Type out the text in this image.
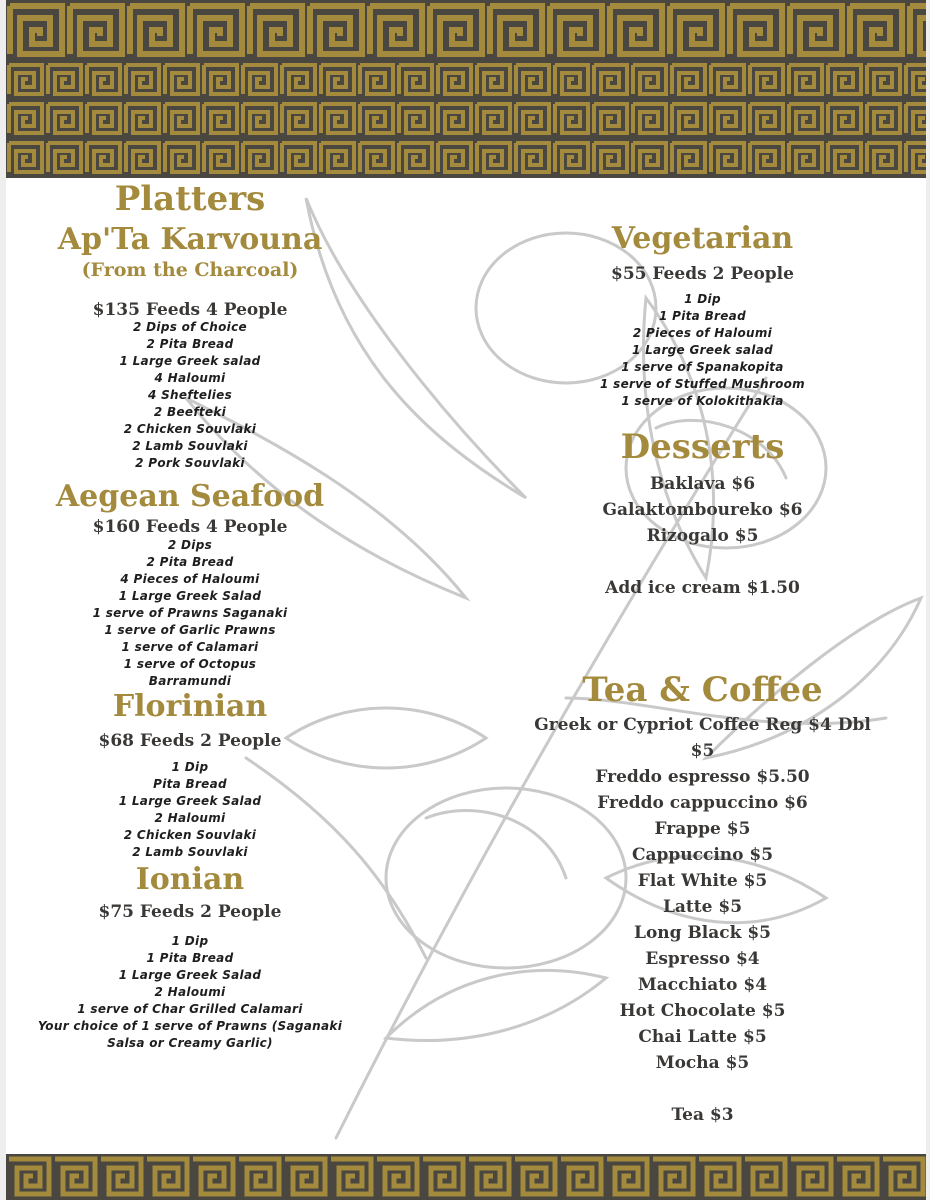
Platters
Ap'Ta Karvouna
(From the Charcoal)

$135 Feeds 4 People

2 Dips of Choice
2 Pita Bread
1 Large Greek salad
4 Haloumi
4 Sheftelies
2 Beefteki
2 Chicken Souvlaki
2 Lamb Souvlaki
2 Pork Souvlaki
Aegean Seafood

$160 Feeds 4 People

2 Dips
2 Pita Bread
4 Pieces of Haloumi
1 Large Greek Salad
1 serve of Prawns Saganaki
1 serve of Garlic Prawns
1 serve of Calamari
1 serve of Octopus
Barramundi
Florinian

$68 Feeds 2 People

1 Dip
Pita Bread
1 Large Greek Salad
2 Haloumi
2 Chicken Souvlaki
2 Lamb Souvlaki
Ionian

$75 Feeds 2 People

1 Dip
1 Pita Bread
1 Large Greek Salad
2 Haloumi
1 serve of Char Grilled Calamari
Your choice of 1 serve of Prawns (Saganaki
Salsa or Creamy Garlic)
Vegetarian

$55 Feeds 2 People

1 Dip
1 Pita Bread
2 Pieces of Haloumi
1 Large Greek salad
1 serve of Spanakopita
1 serve of Stuffed Mushroom
1 serve of Kolokithakia
Desserts

Baklava $6

Galaktomboureko $6

Rizogalo $5

Add ice cream $1.50

Tea & Coffee

Greek or Cypriot Coffee Reg $4 Dbl

$5

Freddo espresso $5.50

Freddo cappuccino $6

Frappe $5

Cappuccino $5

Flat White $5

Latte $5

Long Black $5

Espresso $4

Macchiato $4

Hot Chocolate $5

Chai Latte $5

Mocha $5

Tea $3
